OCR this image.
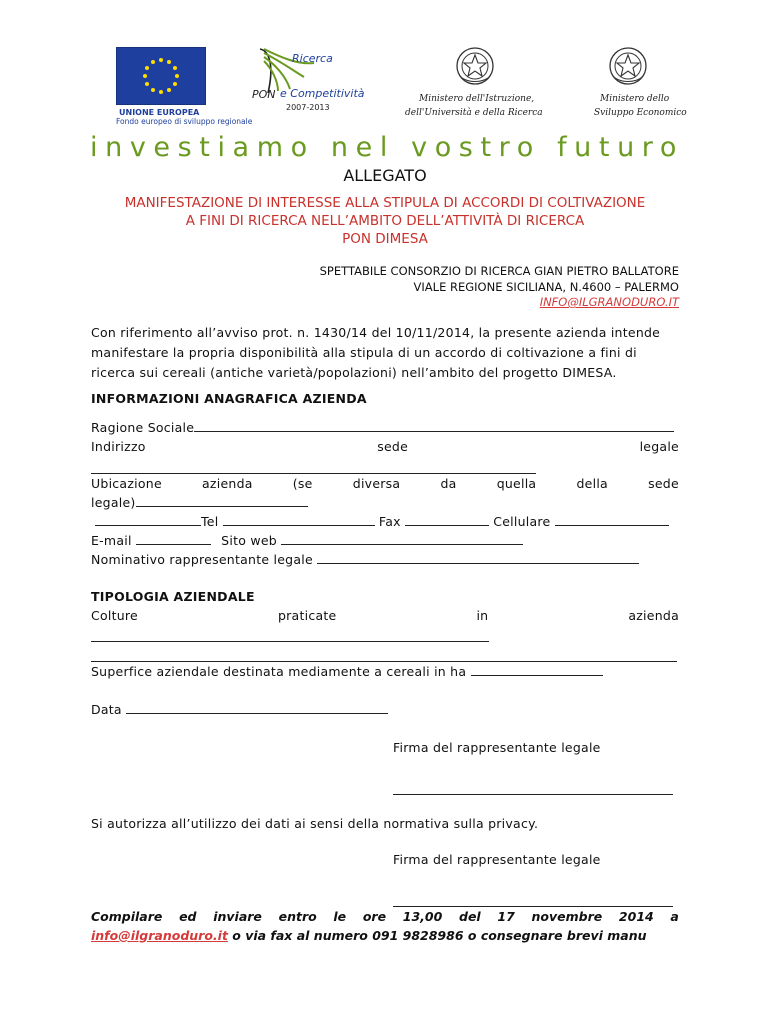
UNIONE EUROPEA
Fondo europeo di sviluppo regionale
Ricerca
PON e Competitività
2007-2013
Ministero dell'Istruzione,
dell'Università e della Ricerca
Ministero dello
Sviluppo Economico
investiamo nel vostro futuro
ALLEGATO
MANIFESTAZIONE DI INTERESSE ALLA STIPULA DI ACCORDI DI COLTIVAZIONE
A FINI DI RICERCA NELL’AMBITO DELL’ATTIVITÀ DI RICERCA
PON DIMESA
SPETTABILE CONSORZIO DI RICERCA GIAN PIETRO BALLATORE
VIALE REGIONE SICILIANA, N.4600 – PALERMO
INFO@ILGRANODURO.IT
Con riferimento all’avviso prot. n. 1430/14 del 10/11/2014, la presente azienda intende
manifestare la propria disponibilità alla stipula di un accordo di coltivazione a fini di
ricerca sui cereali (antiche varietà/popolazioni) nell’ambito del progetto DIMESA.
INFORMAZIONI ANAGRAFICA AZIENDA
Ragione Sociale
Indirizzo	sede	legale
Ubicazione	azienda	(se	diversa	da	quella	della	sede
legale)
Tel	Fax	Cellulare
E-mail	Sito web
Nominativo rappresentante legale
TIPOLOGIA AZIENDALE
Colture	praticate	in	azienda
Superfice aziendale destinata mediamente a cereali in ha
Data
Firma del rappresentante legale
Si autorizza all’utilizzo dei dati ai sensi della normativa sulla privacy.
Firma del rappresentante legale
Compilare ed inviare entro le ore 13,00 del 17 novembre 2014 a
info@ilgranoduro.it o via fax al numero 091 9828986 o consegnare brevi manu
